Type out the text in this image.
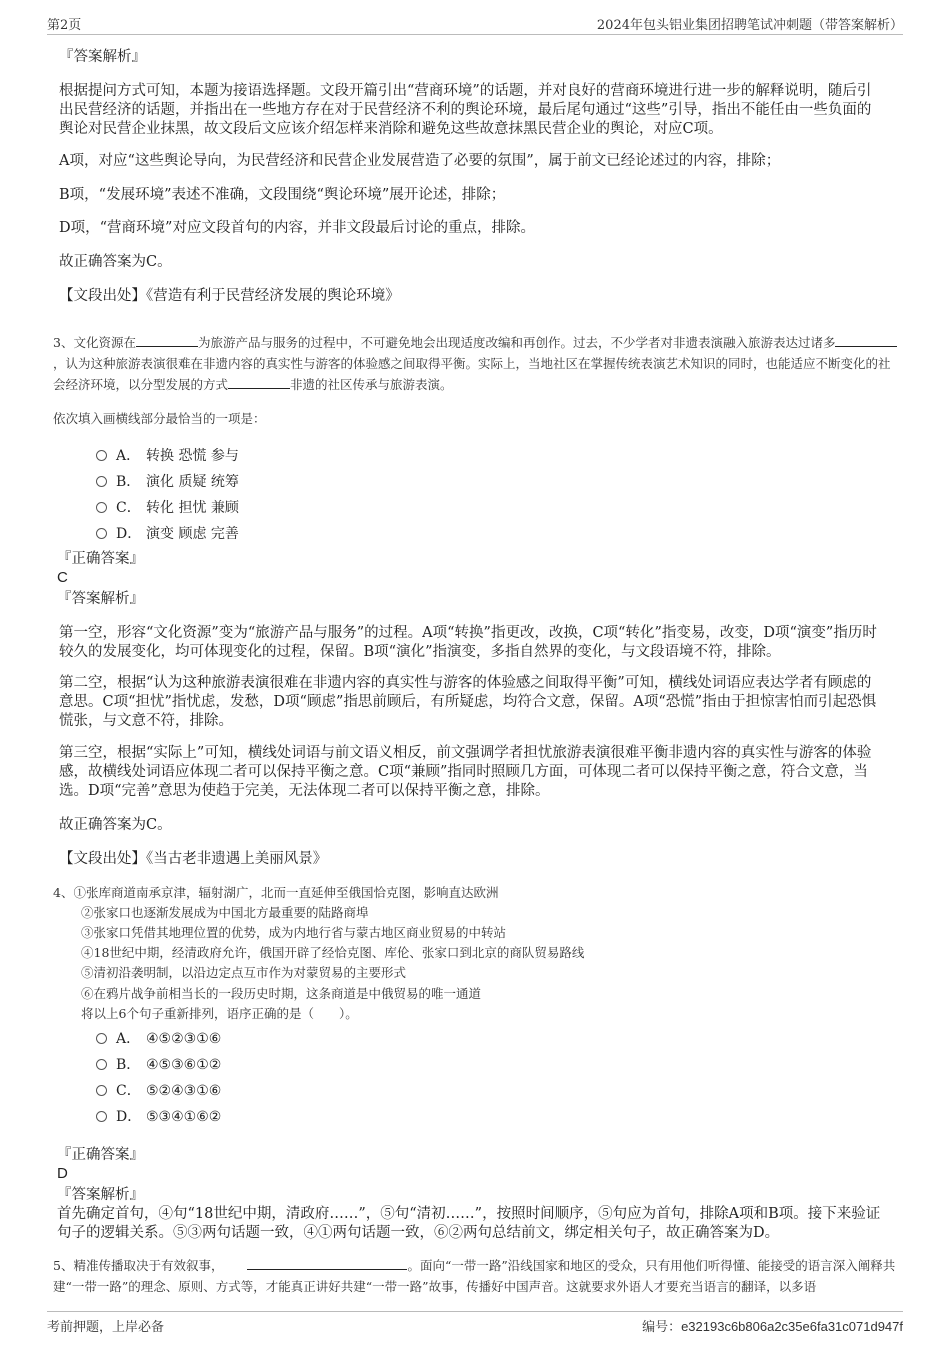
第2页	2024年包头铝业集团招聘笔试冲刺题（带答案解析）
『答案解析』
根据提问方式可知，本题为接语选择题。文段开篇引出“营商环境”的话题，并对良好的营商环境进行进一步的解释说明，随后引出民营经济的话题，并指出在一些地方存在对于民营经济不利的舆论环境，最后尾句通过“这些”引导，指出不能任由一些负面的舆论对民营企业抹黑，故文段后文应该介绍怎样来消除和避免这些故意抹黑民营企业的舆论，对应C项。
A项，对应“这些舆论导向，为民营经济和民营企业发展营造了必要的氛围”，属于前文已经论述过的内容，排除；
B项，“发展环境”表述不准确，文段围绕“舆论环境”展开论述，排除；
D项，“营商环境”对应文段首句的内容，并非文段最后讨论的重点，排除。
故正确答案为C。
【文段出处】《营造有利于民营经济发展的舆论环境》
3、文化资源在	为旅游产品与服务的过程中，不可避免地会出现适度改编和再创作。过去，不少学者对非遗表演融入旅游表达过诸多，认为这种旅游表演很难在非遗内容的真实性与游客的体验感之间取得平衡。实际上，当地社区在掌握传统表演艺术知识的同时，也能适应不断变化的社会经济环境，以分型发展的方式	非遗的社区传承与旅游表演。
依次填入画横线部分最恰当的一项是：
A． 转换 恐慌 参与
B． 演化 质疑 统筹
C． 转化 担忧 兼顾
D． 演变 顾虑 完善
『正确答案』
C
『答案解析』
第一空，形容“文化资源”变为“旅游产品与服务”的过程。A项“转换”指更改，改换，C项“转化”指变易，改变，D项“演变”指历时较久的发展变化，均可体现变化的过程，保留。B项“演化”指演变，多指自然界的变化，与文段语境不符，排除。
第二空，根据“认为这种旅游表演很难在非遗内容的真实性与游客的体验感之间取得平衡”可知，横线处词语应表达学者有顾虑的意思。C项“担忧”指忧虑，发愁，D项“顾虑”指思前顾后，有所疑虑，均符合文意，保留。A项“恐慌”指由于担惊害怕而引起恐惧慌张，与文意不符，排除。
第三空，根据“实际上”可知，横线处词语与前文语义相反，前文强调学者担忧旅游表演很难平衡非遗内容的真实性与游客的体验感，故横线处词语应体现二者可以保持平衡之意。C项“兼顾”指同时照顾几方面，可体现二者可以保持平衡之意，符合文意，当选。D项“完善”意思为使趋于完美，无法体现二者可以保持平衡之意，排除。
故正确答案为C。
【文段出处】《当古老非遗遇上美丽风景》
4、①张库商道南承京津，辐射湖广，北而一直延伸至俄国恰克图，影响直达欧洲
②张家口也逐渐发展成为中国北方最重要的陆路商埠
③张家口凭借其地理位置的优势，成为内地行省与蒙古地区商业贸易的中转站
④18世纪中期，经清政府允许，俄国开辟了经恰克图、库伦、张家口到北京的商队贸易路线
⑤清初沿袭明制，以沿边定点互市作为对蒙贸易的主要形式
⑥在鸦片战争前相当长的一段历史时期，这条商道是中俄贸易的唯一通道
将以上6个句子重新排列，语序正确的是（　　）。
A． ④⑤②③①⑥
B． ④⑤③⑥①②
C． ⑤②④③①⑥
D． ⑤③④①⑥②
『正确答案』
D
『答案解析』
首先确定首句，④句“18世纪中期，清政府……”，⑤句“清初……”，按照时间顺序，⑤句应为首句，排除A项和B项。接下来验证句子的逻辑关系。⑤③两句话题一致，④①两句话题一致，⑥②两句总结前文，绑定相关句子，故正确答案为D。
5、精准传播取决于有效叙事，	。面向“一带一路”沿线国家和地区的受众，只有用他们听得懂、能接受的语言深入阐释共建“一带一路”的理念、原则、方式等，才能真正讲好共建“一带一路”故事，传播好中国声音。这就要求外语人才要充当语言的翻译，以多语
考前押题，上岸必备	编号：e32193c6b806a2c35e6fa31c071d947f
